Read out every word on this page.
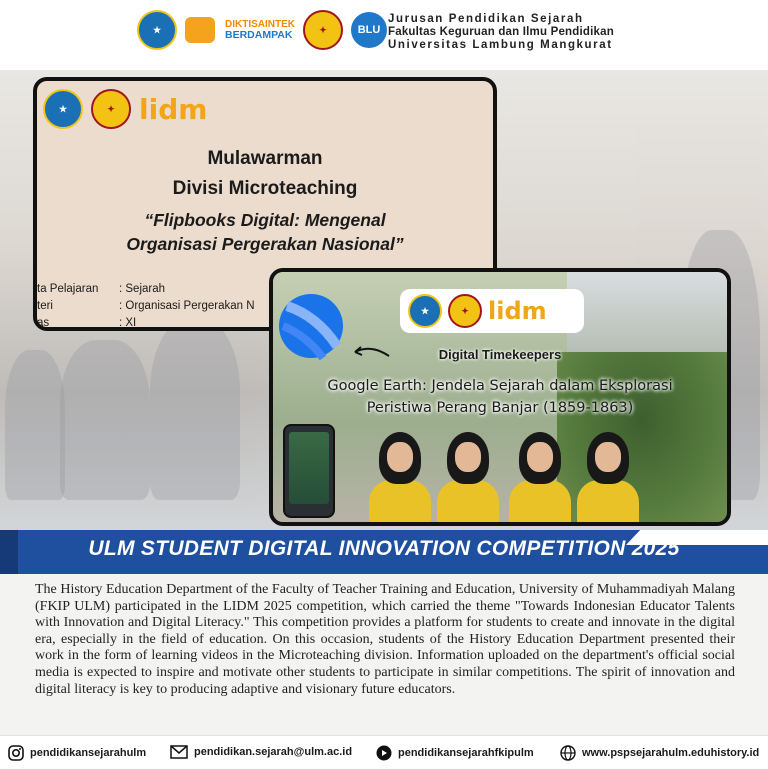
★	DIKTISAINTEK
BERDAMPAK	✦	BLU
Jurusan Pendidikan Sejarah
Fakultas Keguruan dan Ilmu Pendidikan
Universitas Lambung Mangkurat
★	✦ lidm
Mulawarman
Divisi Microteaching
“Flipbooks Digital: Mengenal
Organisasi Pergerakan Nasional”
ta Pelajaran : Sejarah
teri	: Organisasi Pergerakan N
as	: XI
★	✦ lidm
Digital Timekeepers
Google Earth: Jendela Sejarah dalam Eksplorasi
Peristiwa Perang Banjar (1859-1863)
ULM STUDENT DIGITAL INNOVATION COMPETITION 2025
The History Education Department of the Faculty of Teacher Training and Education, University of Muhammadiyah Malang (FKIP ULM) participated in the LIDM 2025 competition, which carried the theme "Towards Indonesian Educator Talents with Innovation and Digital Literacy." This competition provides a platform for students to create and innovate in the digital era, especially in the field of education. On this occasion, students of the History Education Department presented their work in the form of learning videos in the Microteaching division. Information uploaded on the department's official social media is expected to inspire and motivate other students to participate in similar competitions. The spirit of innovation and digital literacy is key to producing adaptive and visionary future educators.
pendidikansejarahulm	pendidikan.sejarah@ulm.ac.id	pendidikansejarahfkipulm	www.pspsejarahulm.eduhistory.id
